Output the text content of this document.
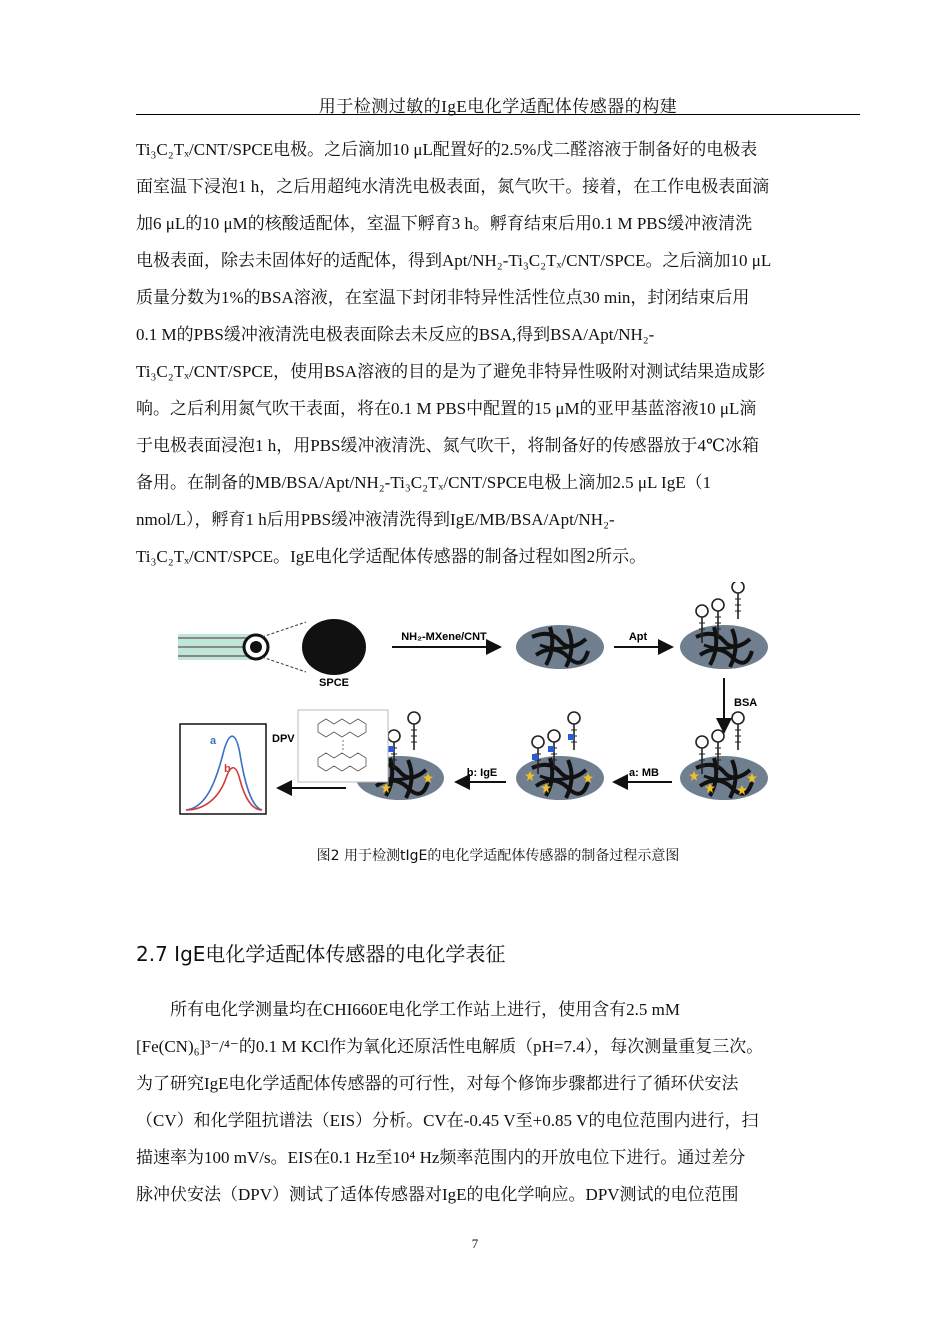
用于检测过敏的IgE电化学适配体传感器的构建
Ti₃C₂Tₓ/CNT/SPCE电极。之后滴加10 μL配置好的2.5%戊二醛溶液于制备好的电极表
面室温下浸泡1 h，之后用超纯水清洗电极表面，氮气吹干。接着，在工作电极表面滴
加6 μL的10 μM的核酸适配体，室温下孵育3 h。孵育结束后用0.1 M PBS缓冲液清洗
电极表面，除去未固体好的适配体，得到Apt/NH₂-Ti₃C₂Tₓ/CNT/SPCE。之后滴加10 μL
质量分数为1%的BSA溶液，在室温下封闭非特异性活性位点30 min，封闭结束后用
0.1 M的PBS缓冲液清洗电极表面除去未反应的BSA,得到BSA/Apt/NH₂-
Ti₃C₂Tₓ/CNT/SPCE，使用BSA溶液的目的是为了避免非特异性吸附对测试结果造成影
响。之后利用氮气吹干表面，将在0.1 M PBS中配置的15 μM的亚甲基蓝溶液10 μL滴
于电极表面浸泡1 h，用PBS缓冲液清洗、氮气吹干，将制备好的传感器放于4℃冰箱
备用。在制备的MB/BSA/Apt/NH₂-Ti₃C₂Tₓ/CNT/SPCE电极上滴加2.5 μL IgE（1
nmol/L），孵育1 h后用PBS缓冲液清洗得到IgE/MB/BSA/Apt/NH₂-
Ti₃C₂Tₓ/CNT/SPCE。IgE电化学适配体传感器的制备过程如图2所示。
SPCE
NH₂-MXene/CNT	Apt
BSA
a: MB
b: IgE
a
b
DPV
图2 用于检测tIgE的电化学适配体传感器的制备过程示意图
2.7 IgE电化学适配体传感器的电化学表征
所有电化学测量均在CHI660E电化学工作站上进行，使用含有2.5 mM
[Fe(CN)₆]³⁻/⁴⁻的0.1 M KCl作为氧化还原活性电解质（pH=7.4），每次测量重复三次。
为了研究IgE电化学适配体传感器的可行性，对每个修饰步骤都进行了循环伏安法
（CV）和化学阻抗谱法（EIS）分析。CV在-0.45 V至+0.85 V的电位范围内进行，扫
描速率为100 mV/s。EIS在0.1 Hz至10⁴ Hz频率范围内的开放电位下进行。通过差分
脉冲伏安法（DPV）测试了适体传感器对IgE的电化学响应。DPV测试的电位范围
7
